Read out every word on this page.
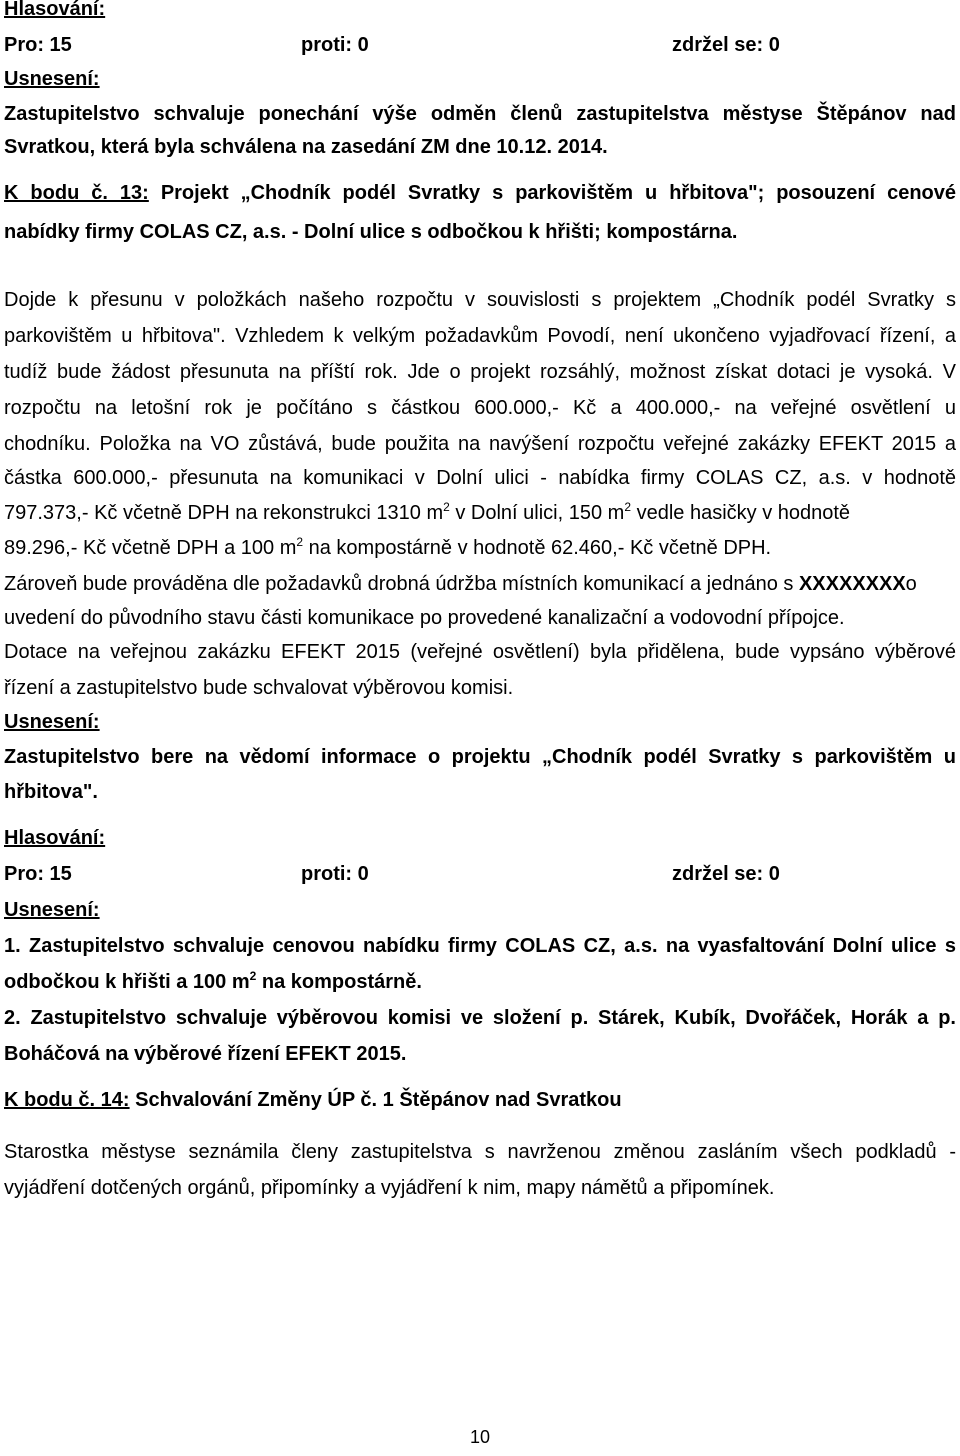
Hlasování:

Pro: 15	proti: 0	zdržel se: 0

Usnesení:

Zastupitelstvo schvaluje ponechání výše odměn členů zastupitelstva městyse Štěpánov nad

Svratkou, která byla schválena na zasedání ZM dne 10.12. 2014.

K bodu č. 13: Projekt „Chodník podél Svratky s parkovištěm u hřbitova"; posouzení cenové

nabídky firmy COLAS CZ, a.s. - Dolní ulice s odbočkou k hřišti; kompostárna.

Dojde k přesunu v položkách našeho rozpočtu v souvislosti s projektem „Chodník podél Svratky s

parkovištěm u hřbitova". Vzhledem k velkým požadavkům Povodí, není ukončeno vyjadřovací řízení, a

tudíž bude žádost přesunuta na příští rok. Jde o projekt rozsáhlý, možnost získat dotaci je vysoká. V

rozpočtu na letošní rok je počítáno s částkou 600.000,- Kč a 400.000,- na veřejné osvětlení u

chodníku. Položka na VO zůstává, bude použita na navýšení rozpočtu veřejné zakázky EFEKT 2015 a

částka 600.000,- přesunuta na komunikaci v Dolní ulici - nabídka firmy COLAS CZ, a.s. v hodnotě

797.373,- Kč včetně DPH na rekonstrukci 1310 $m^2$ v Dolní ulici, 150 $m^2$ vedle hasičky v hodnotě

89.296,- Kč včetně DPH a 100 $m^2$ na kompostárně v hodnotě 62.460,- Kč včetně DPH.

Zároveň bude prováděna dle požadavků drobná údržba místních komunikací a jednáno s XXXXXXXXo

uvedení do původního stavu části komunikace po provedené kanalizační a vodovodní přípojce.

Dotace na veřejnou zakázku EFEKT 2015 (veřejné osvětlení) byla přidělena, bude vypsáno výběrové

řízení a zastupitelstvo bude schvalovat výběrovou komisi.

Usnesení:

Zastupitelstvo bere na vědomí informace o projektu „Chodník podél Svratky s parkovištěm u

hřbitova".

Hlasování:

Pro: 15	proti: 0	zdržel se: 0

Usnesení:

1. Zastupitelstvo schvaluje cenovou nabídku firmy COLAS CZ, a.s. na vyasfaltování Dolní ulice s

odbočkou k hřišti a 100 $m^2$ na kompostárně.

2. Zastupitelstvo schvaluje výběrovou komisi ve složení p. Stárek, Kubík, Dvořáček, Horák a p.

Boháčová na výběrové řízení EFEKT 2015.

K bodu č. 14: Schvalování Změny ÚP č. 1 Štěpánov nad Svratkou

Starostka městyse seznámila členy zastupitelstva s navrženou změnou zasláním všech podkladů -

vyjádření dotčených orgánů, připomínky a vyjádření k nim, mapy námětů a připomínek.

10
